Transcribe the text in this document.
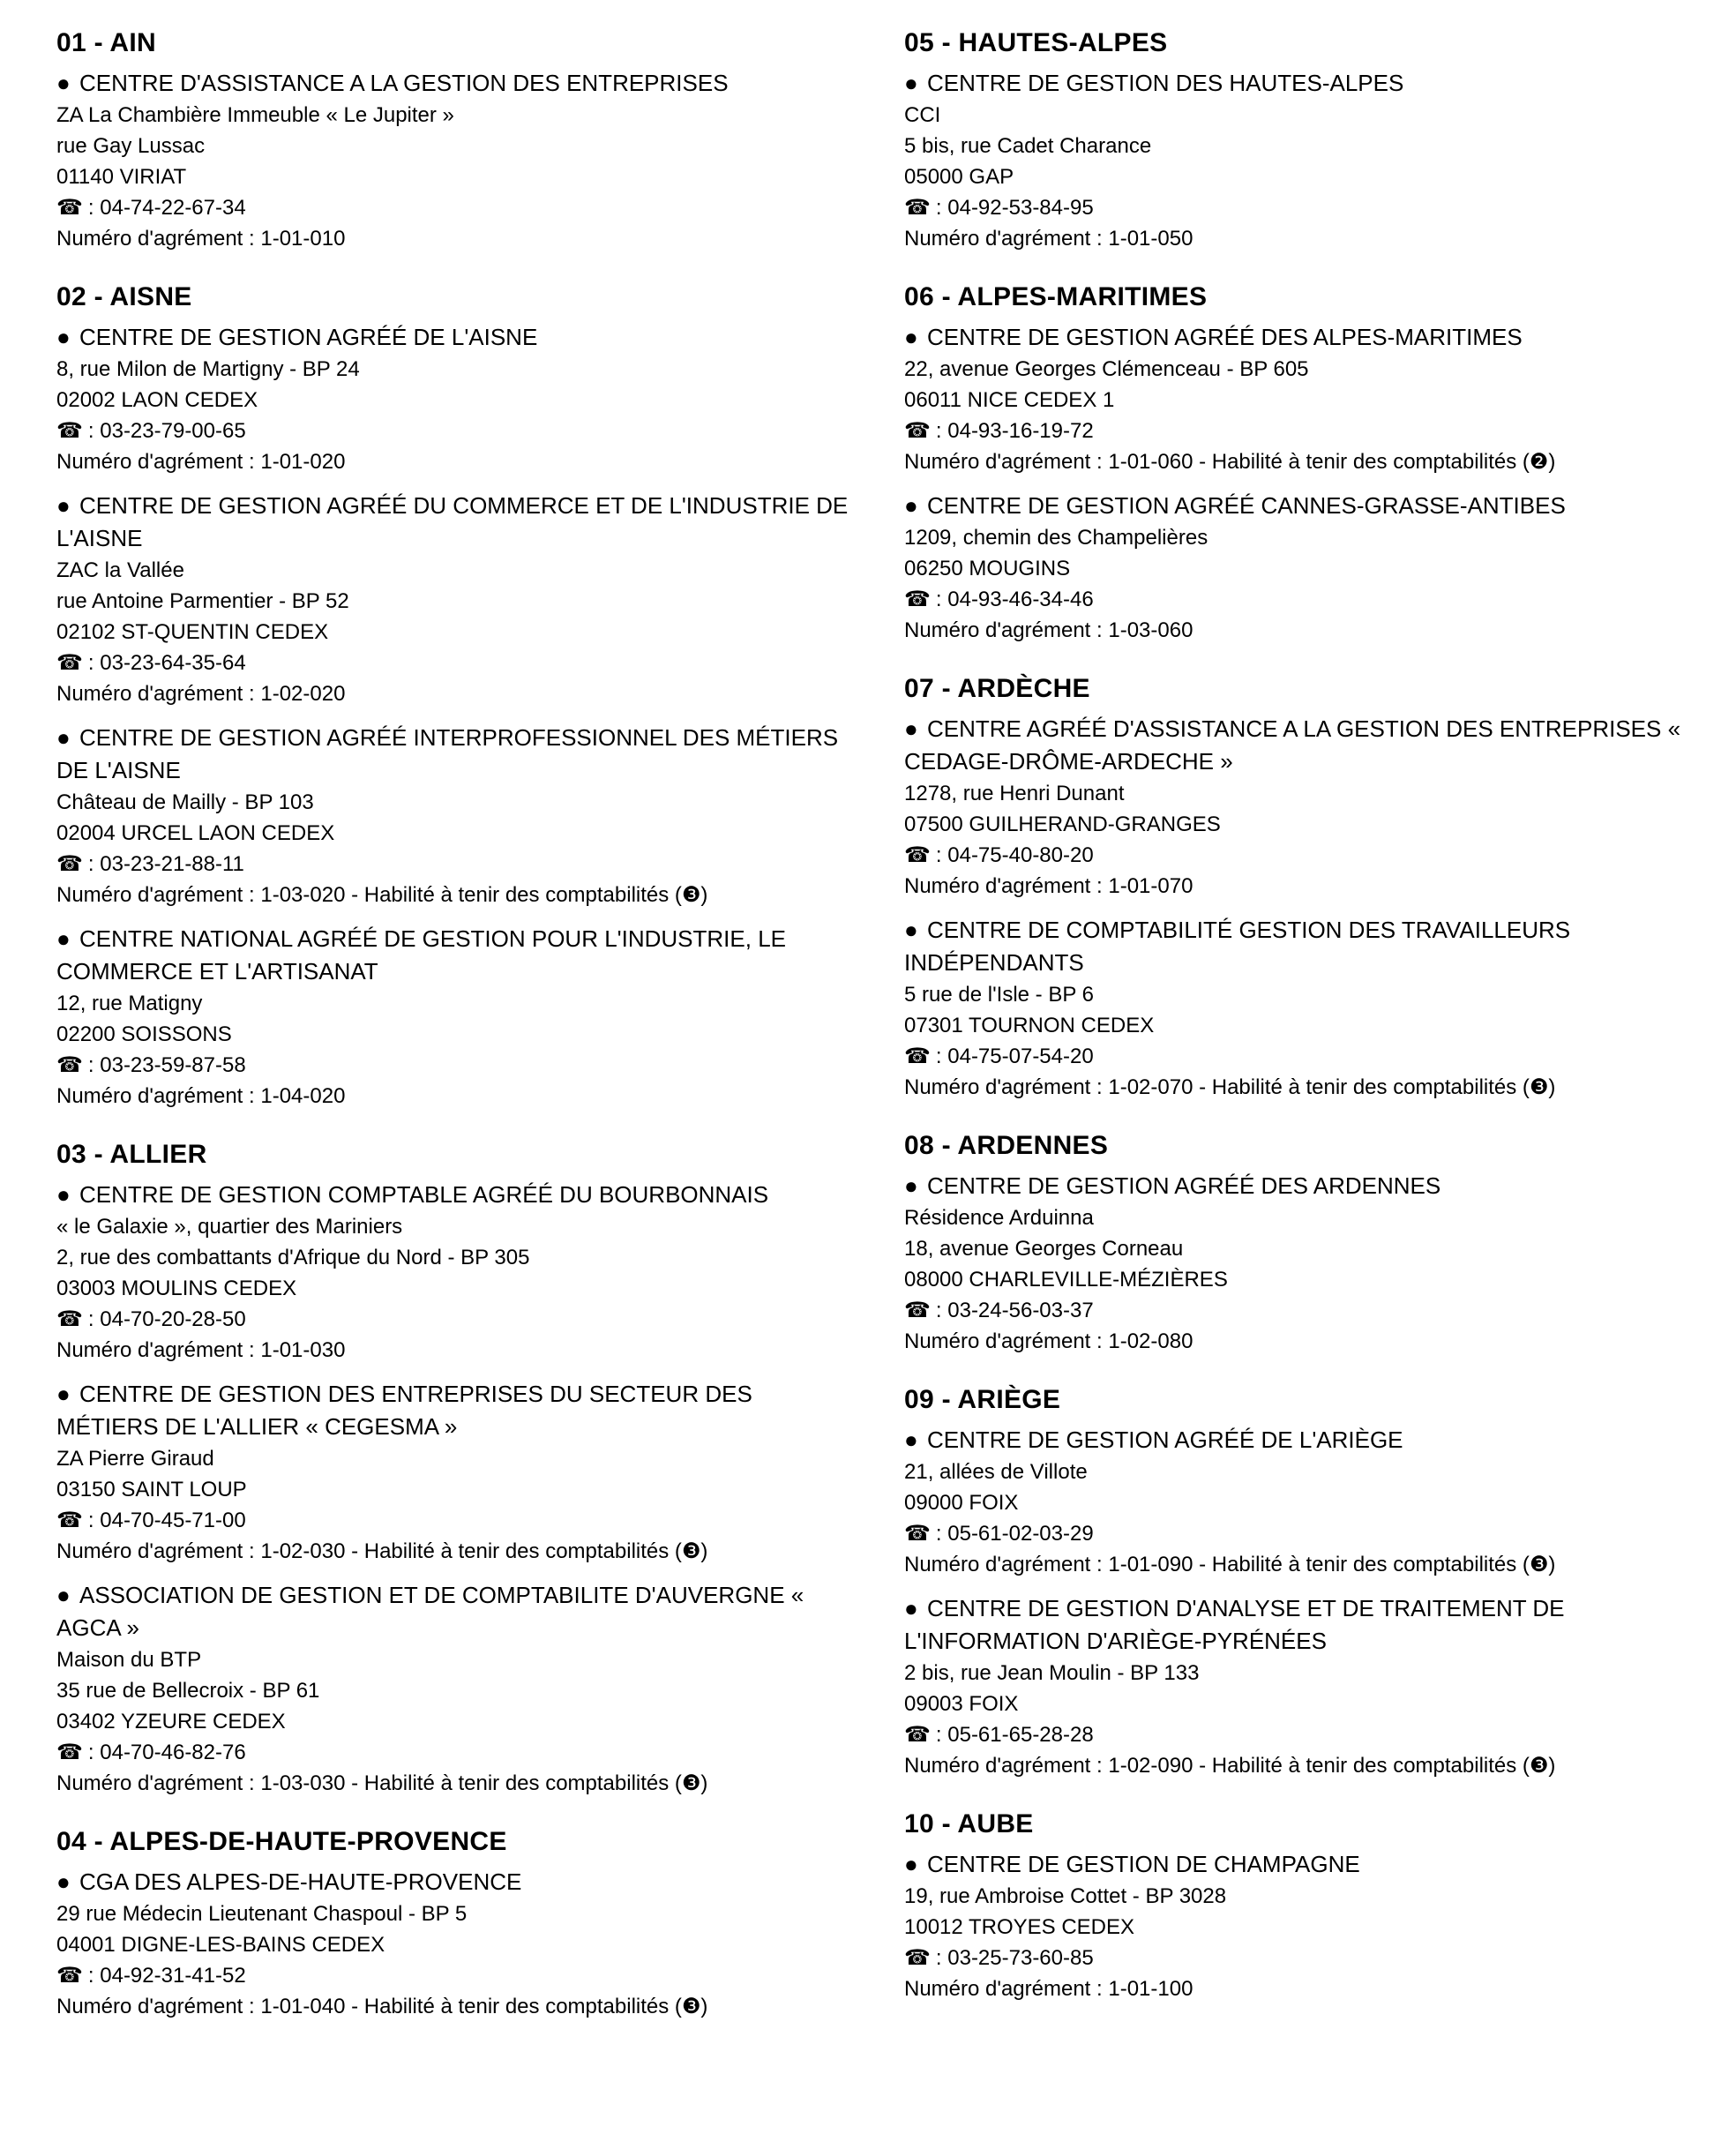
01 - AIN
● CENTRE D'ASSISTANCE A LA GESTION DES ENTREPRISES
ZA La Chambière Immeuble « Le Jupiter »
rue Gay Lussac
01140 VIRIAT
☎ : 04-74-22-67-34
Numéro d'agrément : 1-01-010
02 - AISNE
● CENTRE DE GESTION AGRÉÉ DE L'AISNE
8, rue Milon de Martigny - BP 24
02002 LAON CEDEX
☎ : 03-23-79-00-65
Numéro d'agrément : 1-01-020
● CENTRE DE GESTION AGRÉÉ DU COMMERCE ET DE L'INDUSTRIE DE L'AISNE
ZAC la Vallée
rue Antoine Parmentier - BP 52
02102 ST-QUENTIN CEDEX
☎ : 03-23-64-35-64
Numéro d'agrément : 1-02-020
● CENTRE DE GESTION AGRÉÉ INTERPROFESSIONNEL DES MÉTIERS DE L'AISNE
Château de Mailly - BP 103
02004 URCEL LAON CEDEX
☎ : 03-23-21-88-11
Numéro d'agrément : 1-03-020 - Habilité à tenir des comptabilités (❸)
● CENTRE NATIONAL AGRÉÉ DE GESTION POUR L'INDUSTRIE, LE COMMERCE ET L'ARTISANAT
12, rue Matigny
02200 SOISSONS
☎ : 03-23-59-87-58
Numéro d'agrément : 1-04-020
03 - ALLIER
● CENTRE DE GESTION COMPTABLE AGRÉÉ DU BOURBONNAIS
« le Galaxie », quartier des Mariniers
2, rue des combattants d'Afrique du Nord - BP 305
03003 MOULINS CEDEX
☎ : 04-70-20-28-50
Numéro d'agrément : 1-01-030
● CENTRE DE GESTION DES ENTREPRISES DU SECTEUR DES MÉTIERS DE L'ALLIER « CEGESMA »
ZA Pierre Giraud
03150 SAINT LOUP
☎ : 04-70-45-71-00
Numéro d'agrément : 1-02-030 - Habilité à tenir des comptabilités (❸)
● ASSOCIATION DE GESTION ET DE COMPTABILITE D'AUVERGNE « AGCA »
Maison du BTP
35 rue de Bellecroix - BP 61
03402 YZEURE CEDEX
☎ : 04-70-46-82-76
Numéro d'agrément : 1-03-030 - Habilité à tenir des comptabilités (❸)
04 - ALPES-DE-HAUTE-PROVENCE
● CGA DES ALPES-DE-HAUTE-PROVENCE
29 rue Médecin Lieutenant Chaspoul - BP 5
04001 DIGNE-LES-BAINS CEDEX
☎ : 04-92-31-41-52
Numéro d'agrément : 1-01-040 - Habilité à tenir des comptabilités (❸)
05 - HAUTES-ALPES
● CENTRE DE GESTION DES HAUTES-ALPES
CCI
5 bis, rue Cadet Charance
05000 GAP
☎ : 04-92-53-84-95
Numéro d'agrément : 1-01-050
06 - ALPES-MARITIMES
● CENTRE DE GESTION AGRÉÉ DES ALPES-MARITIMES
22, avenue Georges Clémenceau - BP 605
06011 NICE CEDEX 1
☎ : 04-93-16-19-72
Numéro d'agrément : 1-01-060 - Habilité à tenir des comptabilités (❷)
● CENTRE DE GESTION AGRÉÉ CANNES-GRASSE-ANTIBES
1209, chemin des Champelières
06250 MOUGINS
☎ : 04-93-46-34-46
Numéro d'agrément : 1-03-060
07 - ARDÈCHE
● CENTRE AGRÉÉ D'ASSISTANCE A LA GESTION DES ENTREPRISES « CEDAGE-DRÔME-ARDECHE »
1278, rue Henri Dunant
07500 GUILHERAND-GRANGES
☎ : 04-75-40-80-20
Numéro d'agrément : 1-01-070
● CENTRE DE COMPTABILITÉ GESTION DES TRAVAILLEURS INDÉPENDANTS
5 rue de l'Isle - BP 6
07301 TOURNON CEDEX
☎ : 04-75-07-54-20
Numéro d'agrément : 1-02-070 - Habilité à tenir des comptabilités (❸)
08 - ARDENNES
● CENTRE DE GESTION AGRÉÉ DES ARDENNES
Résidence Arduinna
18, avenue Georges Corneau
08000 CHARLEVILLE-MÉZIÈRES
☎ : 03-24-56-03-37
Numéro d'agrément : 1-02-080
09 - ARIÈGE
● CENTRE DE GESTION AGRÉÉ DE L'ARIÈGE
21, allées de Villote
09000 FOIX
☎ : 05-61-02-03-29
Numéro d'agrément : 1-01-090 - Habilité à tenir des comptabilités (❸)
● CENTRE DE GESTION D'ANALYSE ET DE TRAITEMENT DE L'INFORMATION D'ARIÈGE-PYRÉNÉES
2 bis, rue Jean Moulin - BP 133
09003 FOIX
☎ : 05-61-65-28-28
Numéro d'agrément : 1-02-090 - Habilité à tenir des comptabilités (❸)
10 - AUBE
● CENTRE DE GESTION DE CHAMPAGNE
19, rue Ambroise Cottet - BP 3028
10012 TROYES CEDEX
☎ : 03-25-73-60-85
Numéro d'agrément : 1-01-100
